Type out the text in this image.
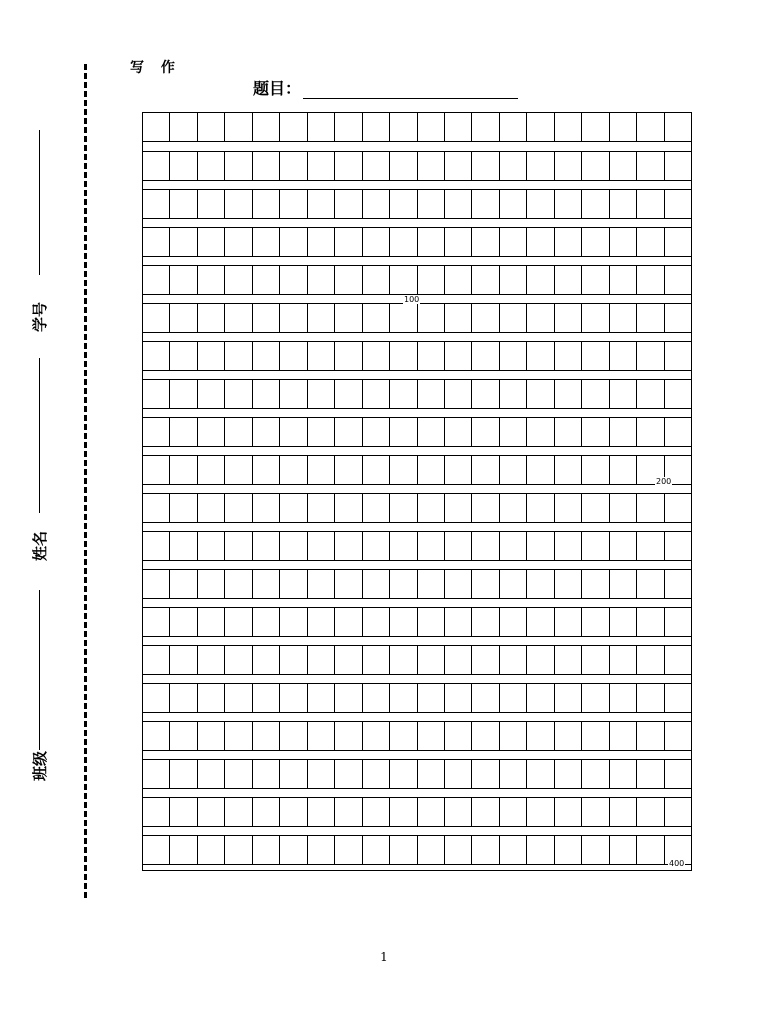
学号
姓名
班级
写 作
题目：
100
200
400
1
